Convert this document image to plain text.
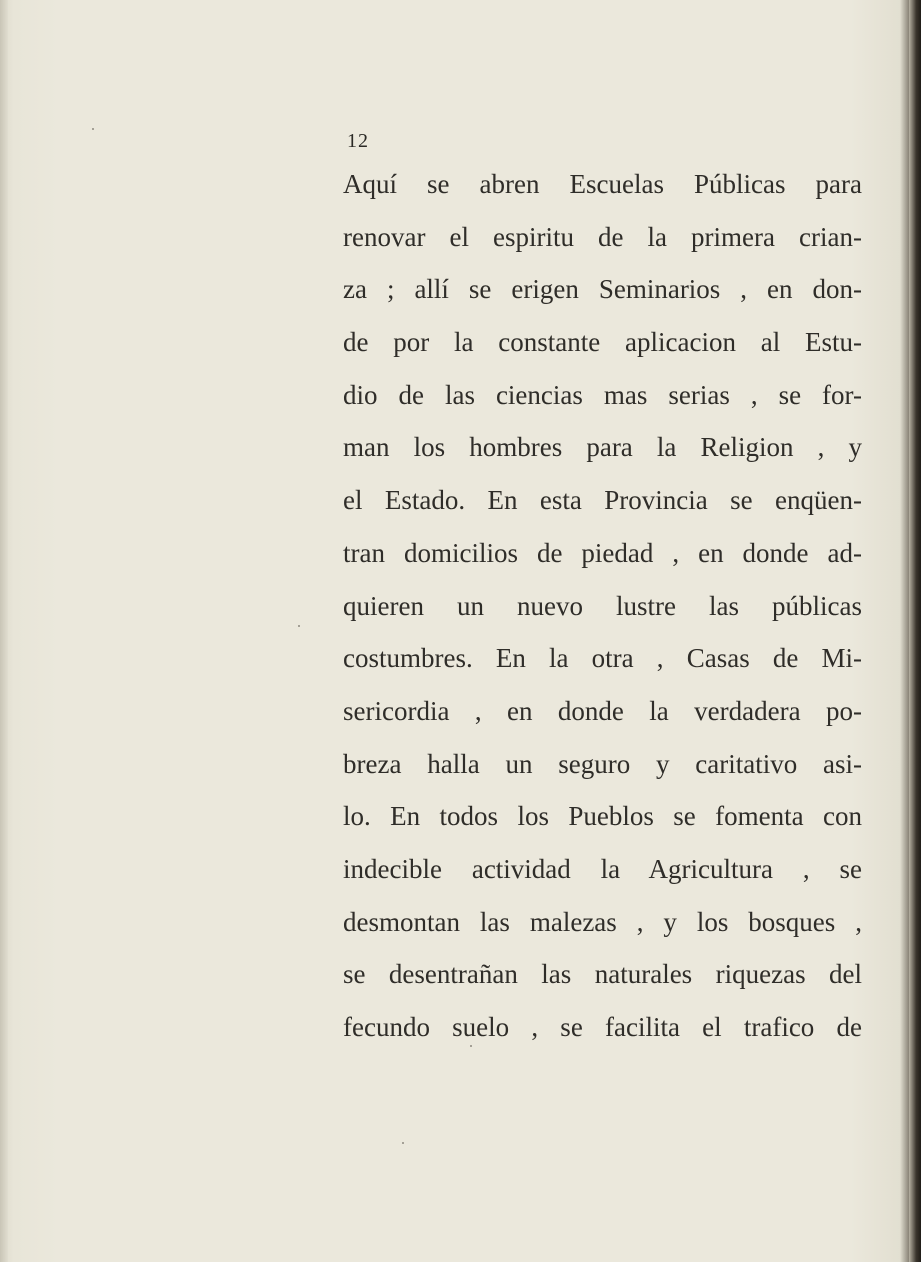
12
Aquí se abren Escuelas Públicas para
renovar el espiritu de la primera crian-
za ; allí se erigen Seminarios , en don-
de por la constante aplicacion al Estu-
dio de las ciencias mas serias , se for-
man los hombres para la Religion , y
el Estado. En esta Provincia se enqüen-
tran domicilios de piedad , en donde ad-
quieren un nuevo lustre las públicas
costumbres. En la otra , Casas de Mi-
sericordia , en donde la verdadera po-
breza halla un seguro y caritativo asi-
lo. En todos los Pueblos se fomenta con
indecible actividad la Agricultura , se
desmontan las malezas , y los bosques ,
se desentrañan las naturales riquezas del
fecundo suelo , se facilita el trafico de
